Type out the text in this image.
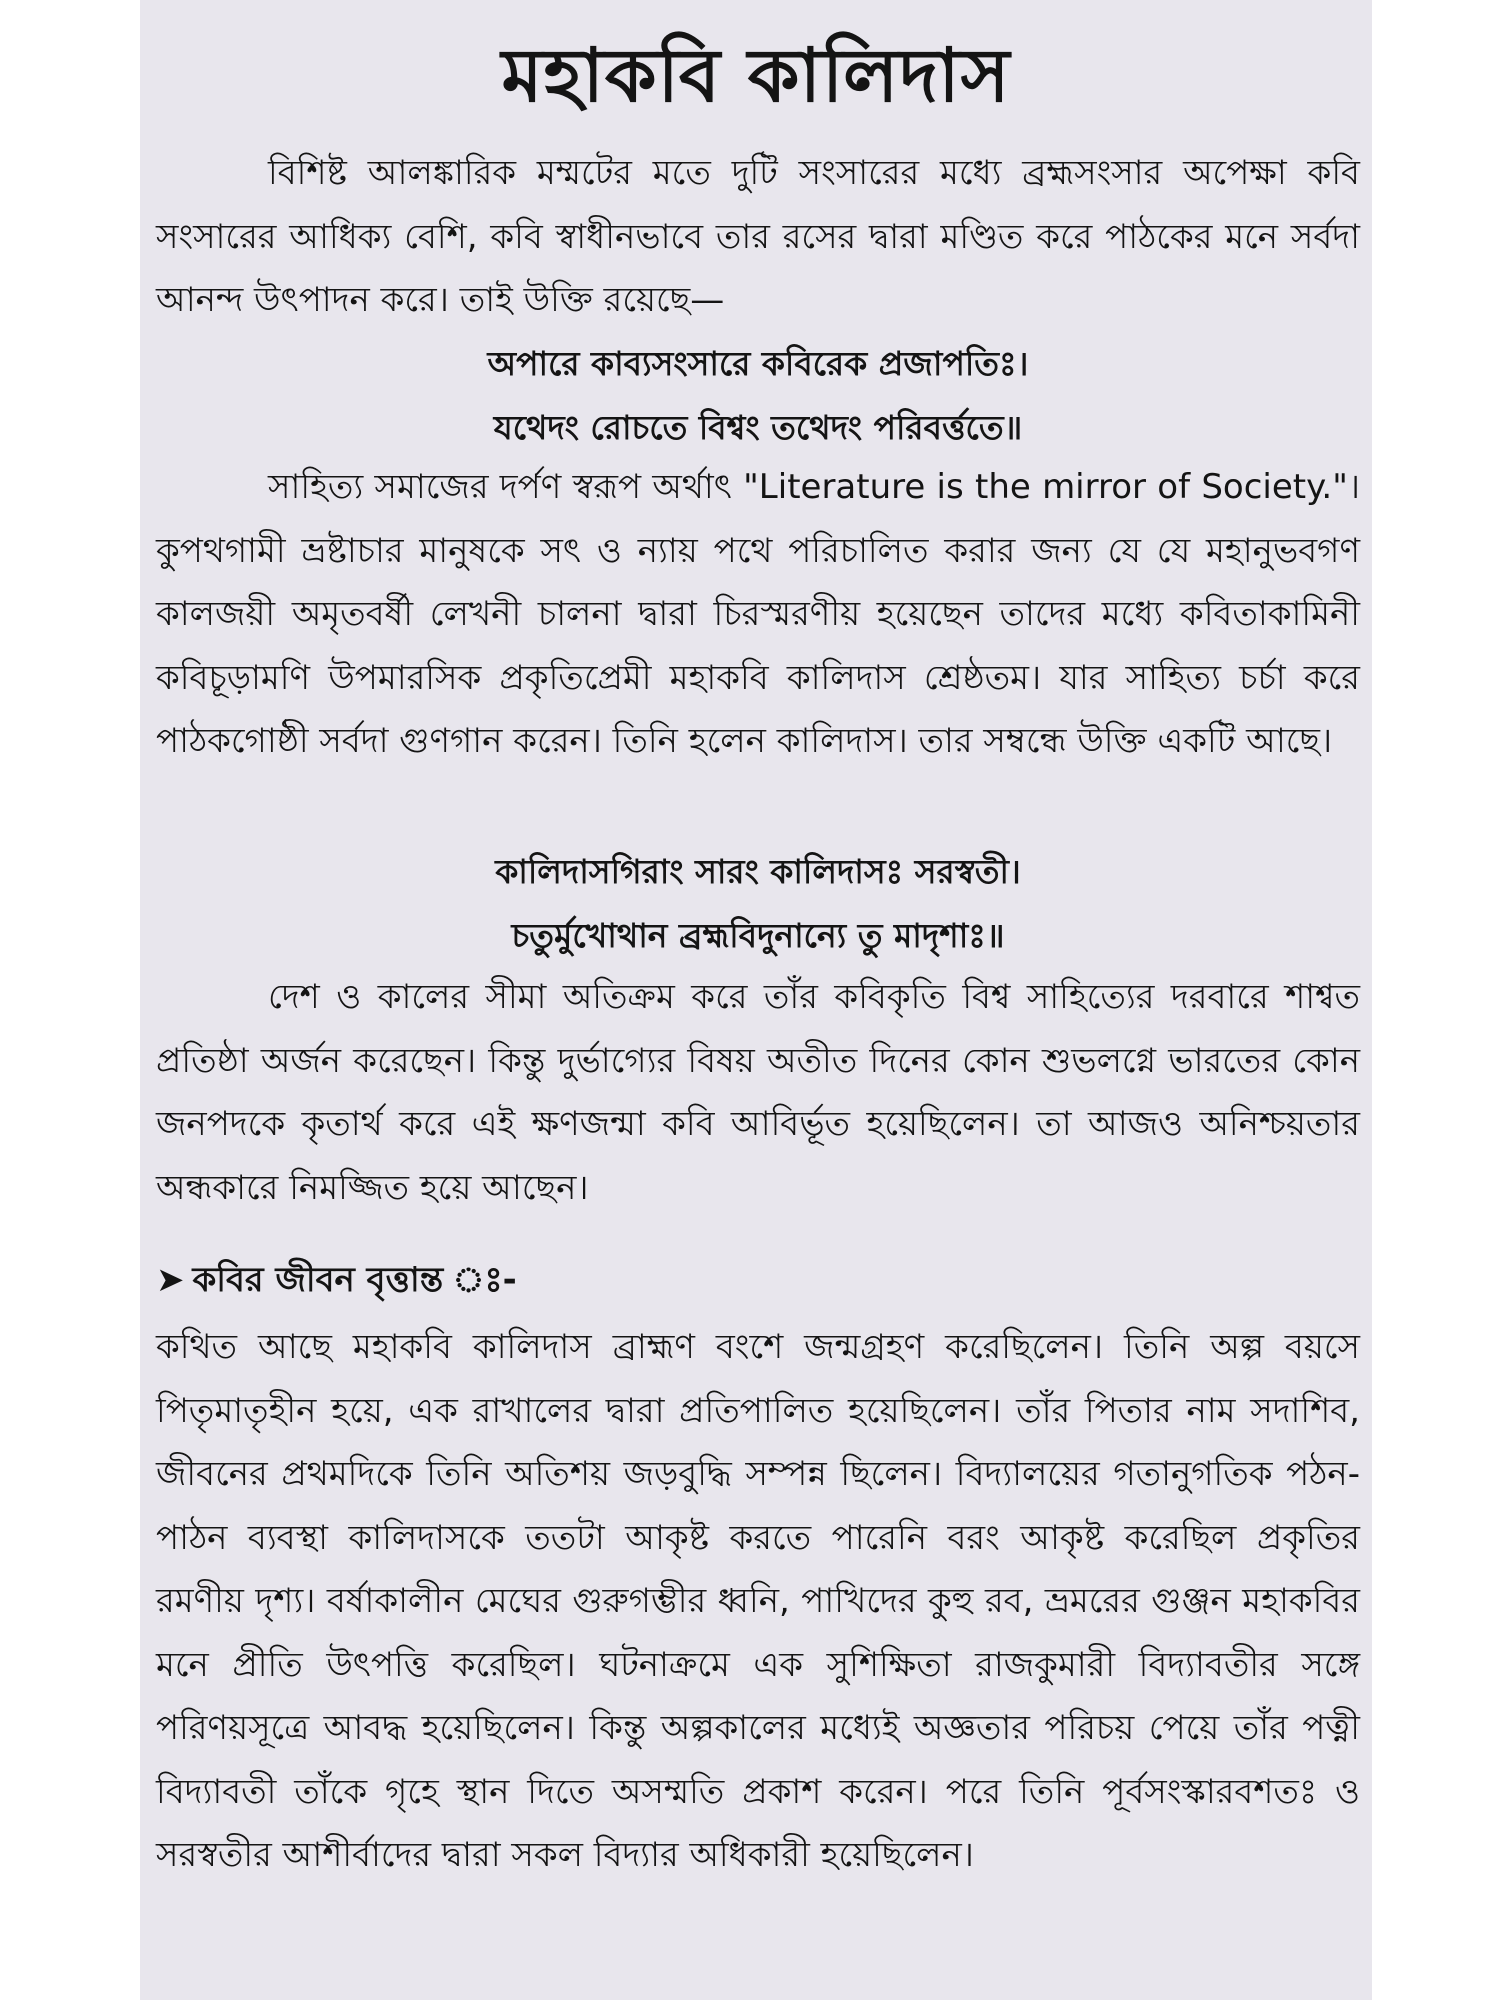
মহাকবি কালিদাস

বিশিষ্ট আলঙ্কারিক মম্মটের মতে দুটি সংসারের মধ্যে ব্রহ্মসংসার অপেক্ষা কবি সংসারের আধিক্য বেশি, কবি স্বাধীনভাবে তার রসের দ্বারা মণ্ডিত করে পাঠকের মনে সর্বদা আনন্দ উৎপাদন করে। তাই উক্তি রয়েছে—

অপারে কাব্যসংসারে কবিরেক প্রজাপতিঃ।

যথেদং রোচতে বিশ্বং তথেদং পরিবর্ত্ততে॥

সাহিত্য সমাজের দর্পণ স্বরূপ অর্থাৎ "Literature is the mirror of Society."। কুপথগামী ভ্রষ্টাচার মানুষকে সৎ ও ন্যায় পথে পরিচালিত করার জন্য যে যে মহানুভবগণ কালজয়ী অমৃতবর্ষী লেখনী চালনা দ্বারা চিরস্মরণীয় হয়েছেন তাদের মধ্যে কবিতাকামিনী কবিচূড়ামণি উপমারসিক প্রকৃতিপ্রেমী মহাকবি কালিদাস শ্রেষ্ঠতম। যার সাহিত্য চর্চা করে পাঠকগোষ্ঠী সর্বদা গুণগান করেন। তিনি হলেন কালিদাস। তার সম্বন্ধে উক্তি একটি আছে।

কালিদাসগিরাং সারং কালিদাসঃ সরস্বতী।

চতুর্মুখোথান ব্রহ্মবিদুনান্যে তু মাদৃশাঃ॥

দেশ ও কালের সীমা অতিক্রম করে তাঁর কবিকৃতি বিশ্ব সাহিত্যের দরবারে শাশ্বত প্রতিষ্ঠা অর্জন করেছেন। কিন্তু দুর্ভাগ্যের বিষয় অতীত দিনের কোন শুভলগ্নে ভারতের কোন জনপদকে কৃতার্থ করে এই ক্ষণজন্মা কবি আবির্ভূত হয়েছিলেন। তা আজও অনিশ্চয়তার অন্ধকারে নিমজ্জিত হয়ে আছেন।

➤ কবির জীবন বৃত্তান্ত ঃ-

কথিত আছে মহাকবি কালিদাস ব্রাহ্মণ বংশে জন্মগ্রহণ করেছিলেন। তিনি অল্প বয়সে পিতৃমাতৃহীন হয়ে, এক রাখালের দ্বারা প্রতিপালিত হয়েছিলেন। তাঁর পিতার নাম সদাশিব, জীবনের প্রথমদিকে তিনি অতিশয় জড়বুদ্ধি সম্পন্ন ছিলেন। বিদ্যালয়ের গতানুগতিক পঠন-পাঠন ব্যবস্থা কালিদাসকে ততটা আকৃষ্ট করতে পারেনি বরং আকৃষ্ট করেছিল প্রকৃতির রমণীয় দৃশ্য। বর্ষাকালীন মেঘের গুরুগম্ভীর ধ্বনি, পাখিদের কুহু রব, ভ্রমরের গুঞ্জন মহাকবির মনে প্রীতি উৎপত্তি করেছিল। ঘটনাক্রমে এক সুশিক্ষিতা রাজকুমারী বিদ্যাবতীর সঙ্গে পরিণয়সূত্রে আবদ্ধ হয়েছিলেন। কিন্তু অল্পকালের মধ্যেই অজ্ঞতার পরিচয় পেয়ে তাঁর পত্নী বিদ্যাবতী তাঁকে গৃহে স্থান দিতে অসম্মতি প্রকাশ করেন। পরে তিনি পূর্বসংস্কারবশতঃ ও সরস্বতীর আশীর্বাদের দ্বারা সকল বিদ্যার অধিকারী হয়েছিলেন।
